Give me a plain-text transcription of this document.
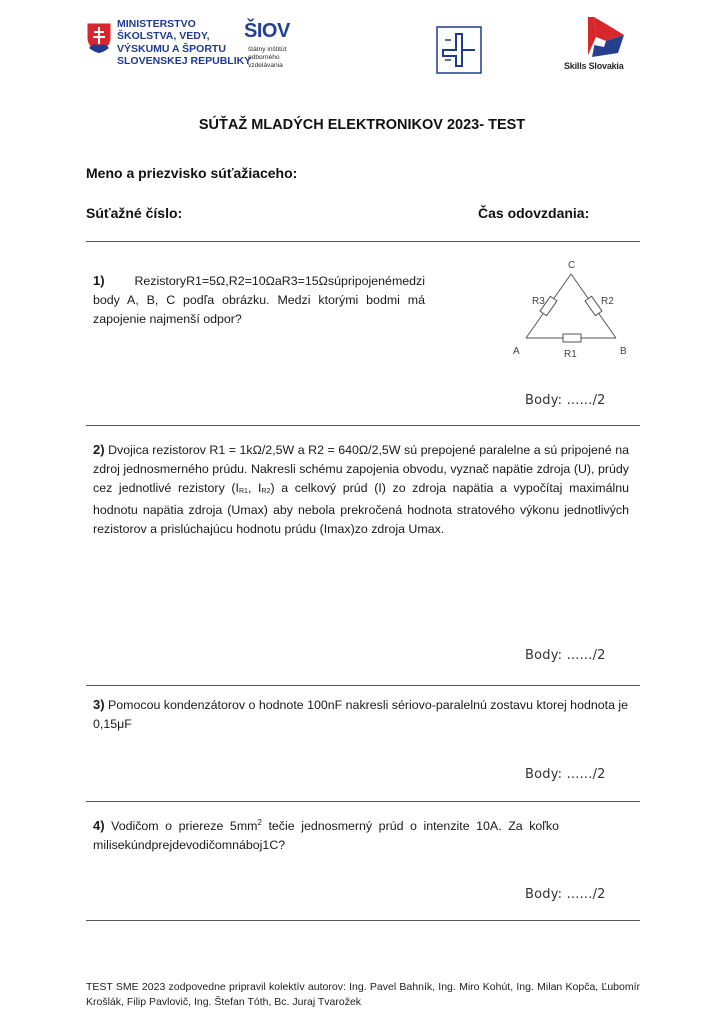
MINISTERSTVO
ŠKOLSTVA, VEDY,
VÝSKUMU A ŠPORTU
SLOVENSKEJ REPUBLIKY
ŠIOV
štátny inštitút
odborného
vzdelávania	Skills Slovakia
SÚŤAŽ MLADÝCH ELEKTRONIKOV 2023- TEST
Meno a priezvisko súťažiaceho:
Súťažné číslo:	Čas odovzdania:
1) RezistoryR1=5Ω,R2=10ΩaR3=15Ωsúpripojenémedzi body A, B, C podľa obrázku. Medzi ktorými bodmi má zapojenie najmenší odpor?
C
A	B
R1
R2
R3
Body: ....../2
2) Dvojica rezistorov R1 = 1kΩ/2,5W a R2 = 640Ω/2,5W sú prepojené paralelne a sú pripojené na zdroj jednosmerného prúdu. Nakresli schému zapojenia obvodu, vyznač napätie zdroja (U), prúdy cez jednotlivé rezistory ($I_{R1}$, $I_{R2}$) a celkový prúd (I) zo zdroja napätia a vypočítaj maximálnu hodnotu napätia zdroja (Umax) aby nebola prekročená hodnota stratového výkonu jednotlivých rezistorov a prislúchajúcu hodnotu prúdu (Imax)zo zdroja Umax.
Body: ....../2
3) Pomocou kondenzátorov o hodnote 100nF nakresli sériovo-paralelnú zostavu ktorej hodnota je 0,15μF
Body: ....../2
4) Vodičom o priereze $5mm^2$ tečie jednosmerný prúd o intenzite 10A. Za koľko milisekúndprejdevodičomnáboj1C?
Body: ....../2
TEST SME 2023 zodpovedne pripravil kolektív autorov: Ing. Pavel Bahník, Ing. Miro Kohút, Ing. Milan Kopča, Ľubomír Krošlák, Filip Pavlovič, Ing. Štefan Tóth, Bc. Juraj Tvarožek
